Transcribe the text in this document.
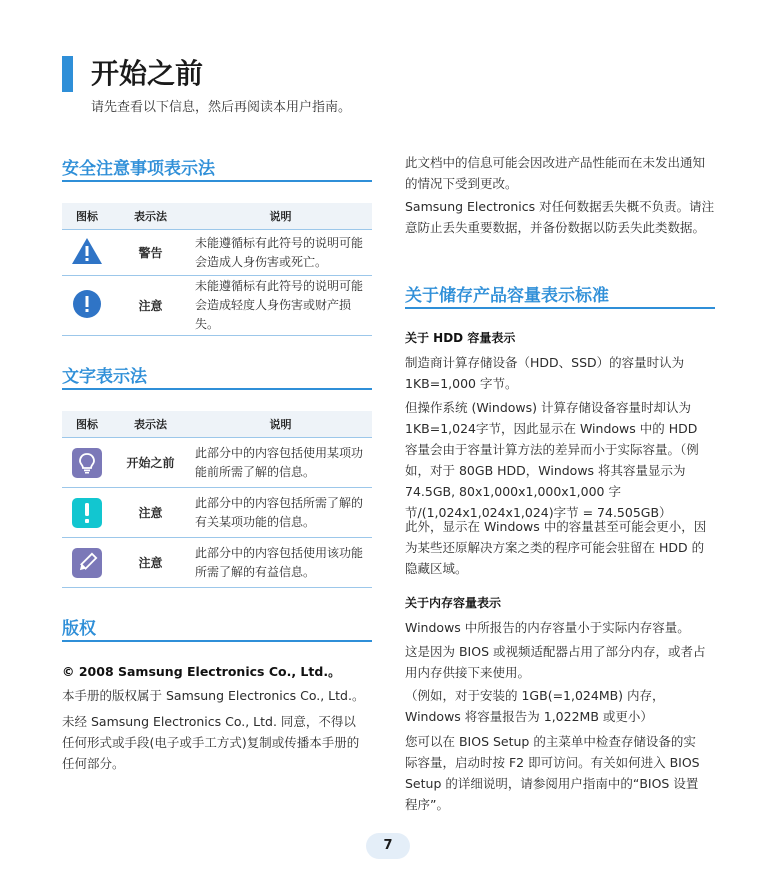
开始之前

请先查看以下信息，然后再阅读本用户指南。

安全注意事项表示法
图标	表示法	说明
	警告	未能遵循标有此符号的说明可能会造成人身伤害或死亡。
	注意	未能遵循标有此符号的说明可能会造成轻度人身伤害或财产损失。
文字表示法
图标	表示法	说明

	开始之前	此部分中的内容包括使用某项功能前所需了解的信息。

	注意	此部分中的内容包括所需了解的有关某项功能的信息。

	注意	此部分中的内容包括使用该功能所需了解的有益信息。
版权

© 2008 Samsung Electronics Co., Ltd.。

本手册的版权属于 Samsung Electronics Co., Ltd.。

未经 Samsung Electronics Co., Ltd. 同意，不得以任何形式或手段(电子或手工方式)复制或传播本手册的任何部分。

此文档中的信息可能会因改进产品性能而在未发出通知的情况下受到更改。

Samsung Electronics 对任何数据丢失概不负责。请注意防止丢失重要数据，并备份数据以防丢失此类数据。

关于储存产品容量表示标准

关于 HDD 容量表示

制造商计算存储设备（HDD、SSD）的容量时认为 1KB=1,000 字节。

但操作系统 (Windows) 计算存储设备容量时却认为 1KB=1,024字节，因此显示在 Windows 中的 HDD 容量会由于容量计算方法的差异而小于实际容量。（例如，对于 80GB HDD，Windows 将其容量显示为 74.5GB, 80x1,000x1,000x1,000 字节/(1,024x1,024x1,024)字节 = 74.505GB）

此外，显示在 Windows 中的容量甚至可能会更小，因为某些还原解决方案之类的程序可能会驻留在 HDD 的隐藏区域。

关于内存容量表示

Windows 中所报告的内存容量小于实际内存容量。

这是因为 BIOS 或视频适配器占用了部分内存，或者占用内存供接下来使用。

（例如，对于安装的 1GB(=1,024MB) 内存，Windows 将容量报告为 1,022MB 或更小）

您可以在 BIOS Setup 的主菜单中检查存储设备的实际容量，启动时按 F2 即可访问。有关如何进入 BIOS Setup 的详细说明，请参阅用户指南中的“BIOS 设置程序”。

7
